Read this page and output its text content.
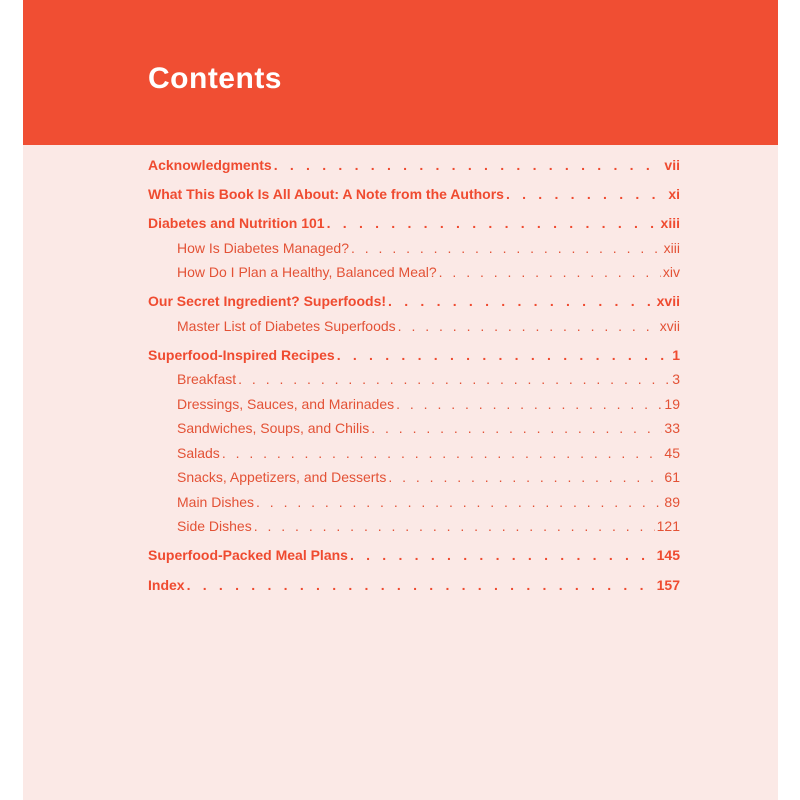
Contents
Acknowledgments . . .	vii
What This Book Is All About: A Note from the Authors . . .	xi
Diabetes and Nutrition 101 . . .	xiii
How Is Diabetes Managed? . . .	xiii
How Do I Plan a Healthy, Balanced Meal? . . .	xiv
Our Secret Ingredient? Superfoods! . . .	xvii
Master List of Diabetes Superfoods . . .	xvii
Superfood-Inspired Recipes . . .	1
Breakfast . . .	3
Dressings, Sauces, and Marinades . . .	19
Sandwiches, Soups, and Chilis . . .	33
Salads . . .	45
Snacks, Appetizers, and Desserts . . .	61
Main Dishes . . .	89
Side Dishes . . .	121
Superfood-Packed Meal Plans . . .	145
Index . . .	157
